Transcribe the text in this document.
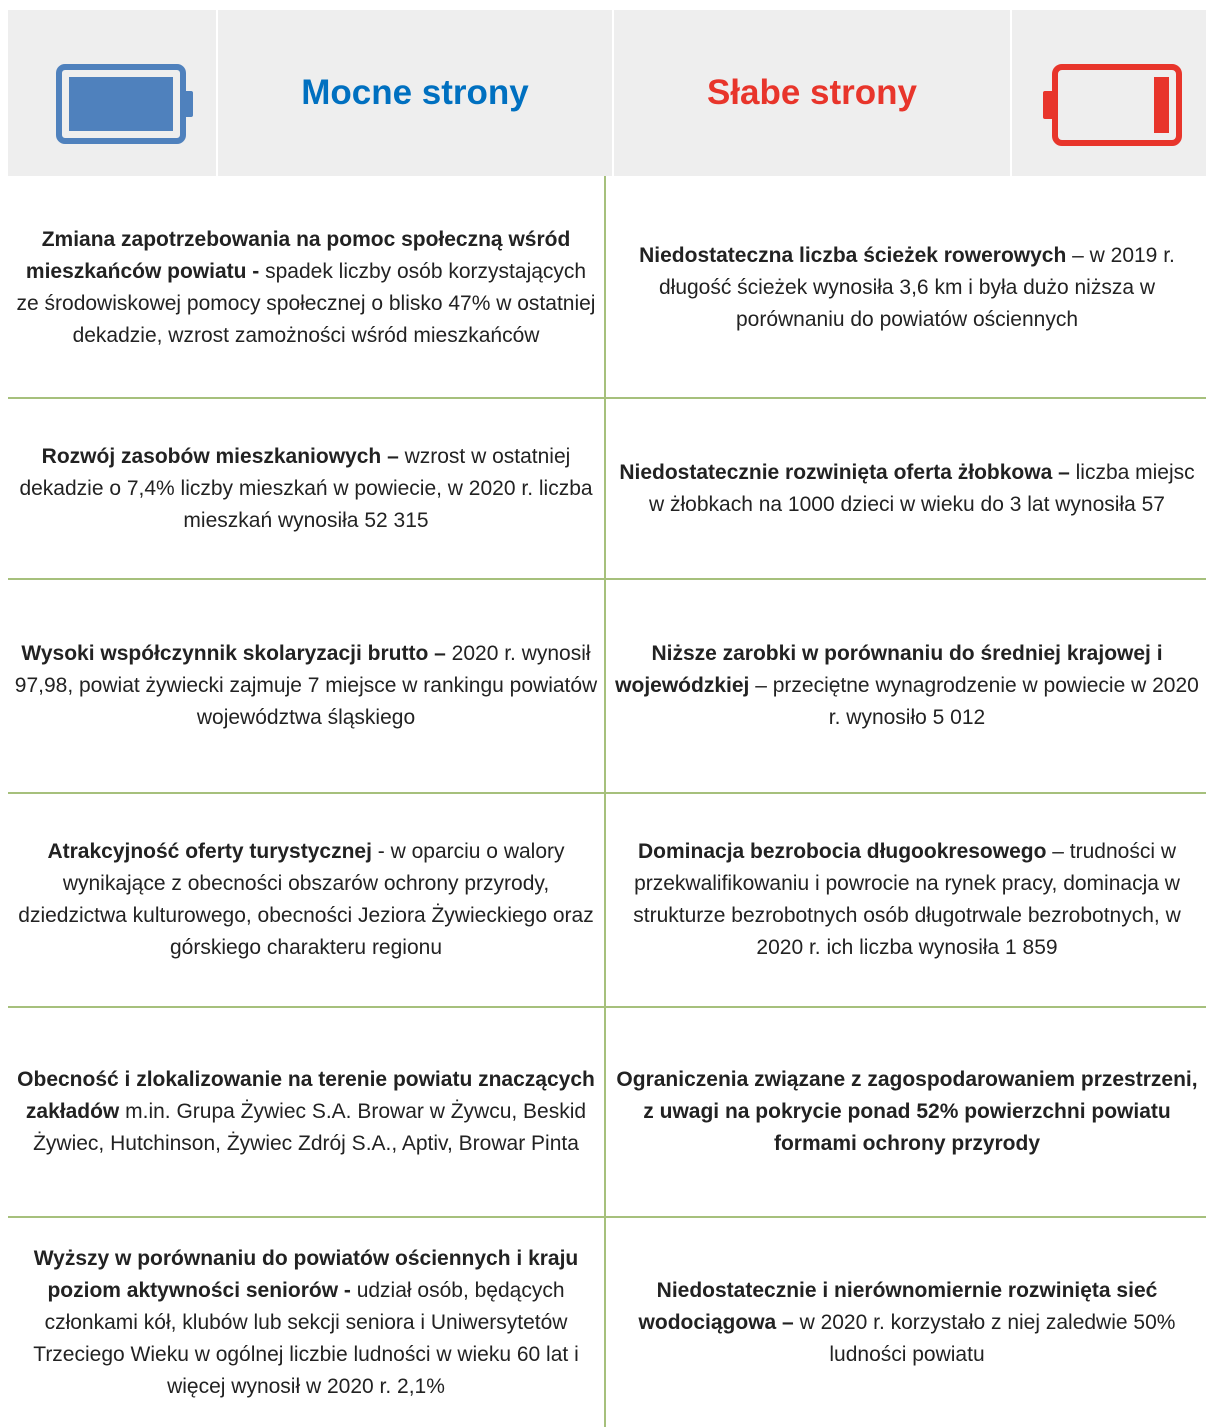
Mocne strony	Słabe strony

Zmiana zapotrzebowania na pomoc społeczną wśród mieszkańców powiatu - spadek liczby osób korzystających ze środowiskowej pomocy społecznej o blisko 47% w ostatniej dekadzie, wzrost zamożności wśród mieszkańców

Niedostateczna liczba ścieżek rowerowych – w 2019 r. długość ścieżek wynosiła 3,6 km i była dużo niższa w porównaniu do powiatów ościennych

Rozwój zasobów mieszkaniowych – wzrost w ostatniej dekadzie o 7,4% liczby mieszkań w powiecie, w 2020 r. liczba mieszkań wynosiła 52 315

Niedostatecznie rozwinięta oferta żłobkowa – liczba miejsc w żłobkach na 1000 dzieci w wieku do 3 lat wynosiła 57

Wysoki współczynnik skolaryzacji brutto – 2020 r. wynosił 97,98, powiat żywiecki zajmuje 7 miejsce w rankingu powiatów województwa śląskiego

Niższe zarobki w porównaniu do średniej krajowej i wojewódzkiej – przeciętne wynagrodzenie w powiecie w 2020 r. wynosiło 5 012

Atrakcyjność oferty turystycznej - w oparciu o walory wynikające z obecności obszarów ochrony przyrody, dziedzictwa kulturowego, obecności Jeziora Żywieckiego oraz górskiego charakteru regionu

Dominacja bezrobocia długookresowego – trudności w przekwalifikowaniu i powrocie na rynek pracy, dominacja w strukturze bezrobotnych osób długotrwale bezrobotnych, w 2020 r. ich liczba wynosiła 1 859

Obecność i zlokalizowanie na terenie powiatu znaczących zakładów m.in. Grupa Żywiec S.A. Browar w Żywcu, Beskid Żywiec, Hutchinson, Żywiec Zdrój S.A., Aptiv, Browar Pinta

Ograniczenia związane z zagospodarowaniem przestrzeni, z uwagi na pokrycie ponad 52% powierzchni powiatu formami ochrony przyrody

Wyższy w porównaniu do powiatów ościennych i kraju poziom aktywności seniorów - udział osób, będących członkami kół, klubów lub sekcji seniora i Uniwersytetów Trzeciego Wieku w ogólnej liczbie ludności w wieku 60 lat i więcej wynosił w 2020 r. 2,1%

Niedostatecznie i nierównomiernie rozwinięta sieć wodociągowa – w 2020 r. korzystało z niej zaledwie 50% ludności powiatu
